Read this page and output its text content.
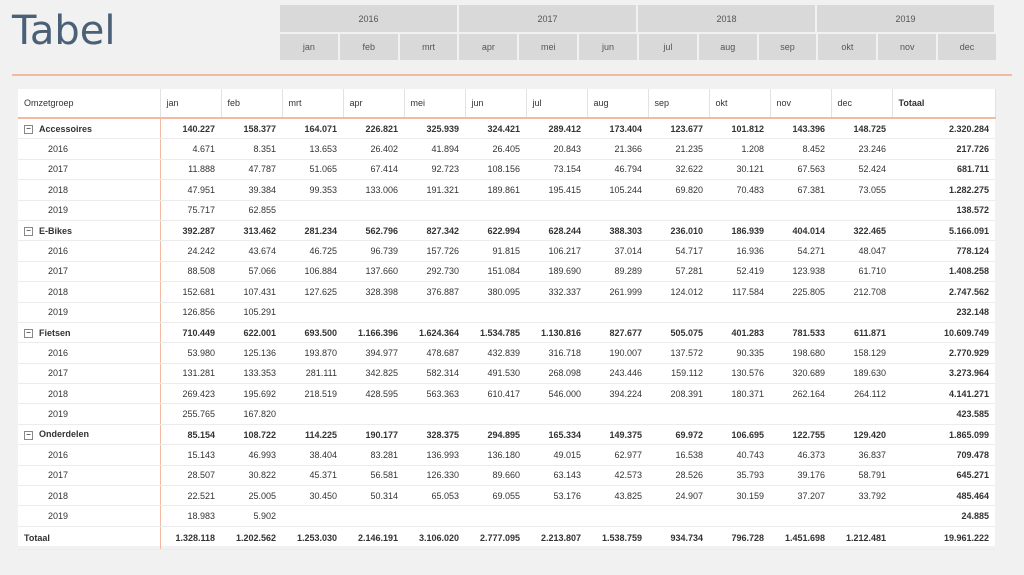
Tabel	2016	2017	2018	2019
jan	feb	mrt	apr	mei	jun	jul	aug	sep	okt	nov	dec
Omzetgroep	jan	feb	mrt	apr	mei	jun	jul	aug	sep	okt	nov	dec	Totaal
− Accessoires	140.227	158.377	164.071	226.821	325.939	324.421	289.412	173.404	123.677	101.812	143.396	148.725	2.320.284
2016	4.671	8.351	13.653	26.402	41.894	26.405	20.843	21.366	21.235	1.208	8.452	23.246	217.726
2017	11.888	47.787	51.065	67.414	92.723	108.156	73.154	46.794	32.622	30.121	67.563	52.424	681.711
2018	47.951	39.384	99.353	133.006	191.321	189.861	195.415	105.244	69.820	70.483	67.381	73.055	1.282.275
2019	75.717	62.855											138.572
− E-Bikes	392.287	313.462	281.234	562.796	827.342	622.994	628.244	388.303	236.010	186.939	404.014	322.465	5.166.091
2016	24.242	43.674	46.725	96.739	157.726	91.815	106.217	37.014	54.717	16.936	54.271	48.047	778.124
2017	88.508	57.066	106.884	137.660	292.730	151.084	189.690	89.289	57.281	52.419	123.938	61.710	1.408.258
2018	152.681	107.431	127.625	328.398	376.887	380.095	332.337	261.999	124.012	117.584	225.805	212.708	2.747.562
2019	126.856	105.291											232.148
− Fietsen	710.449	622.001	693.500	1.166.396	1.624.364	1.534.785	1.130.816	827.677	505.075	401.283	781.533	611.871	10.609.749
2016	53.980	125.136	193.870	394.977	478.687	432.839	316.718	190.007	137.572	90.335	198.680	158.129	2.770.929
2017	131.281	133.353	281.111	342.825	582.314	491.530	268.098	243.446	159.112	130.576	320.689	189.630	3.273.964
2018	269.423	195.692	218.519	428.595	563.363	610.417	546.000	394.224	208.391	180.371	262.164	264.112	4.141.271
2019	255.765	167.820											423.585
− Onderdelen	85.154	108.722	114.225	190.177	328.375	294.895	165.334	149.375	69.972	106.695	122.755	129.420	1.865.099
2016	15.143	46.993	38.404	83.281	136.993	136.180	49.015	62.977	16.538	40.743	46.373	36.837	709.478
2017	28.507	30.822	45.371	56.581	126.330	89.660	63.143	42.573	28.526	35.793	39.176	58.791	645.271
2018	22.521	25.005	30.450	50.314	65.053	69.055	53.176	43.825	24.907	30.159	37.207	33.792	485.464
2019	18.983	5.902											24.885
Totaal	1.328.118	1.202.562	1.253.030	2.146.191	3.106.020	2.777.095	2.213.807	1.538.759	934.734	796.728	1.451.698	1.212.481	19.961.222
